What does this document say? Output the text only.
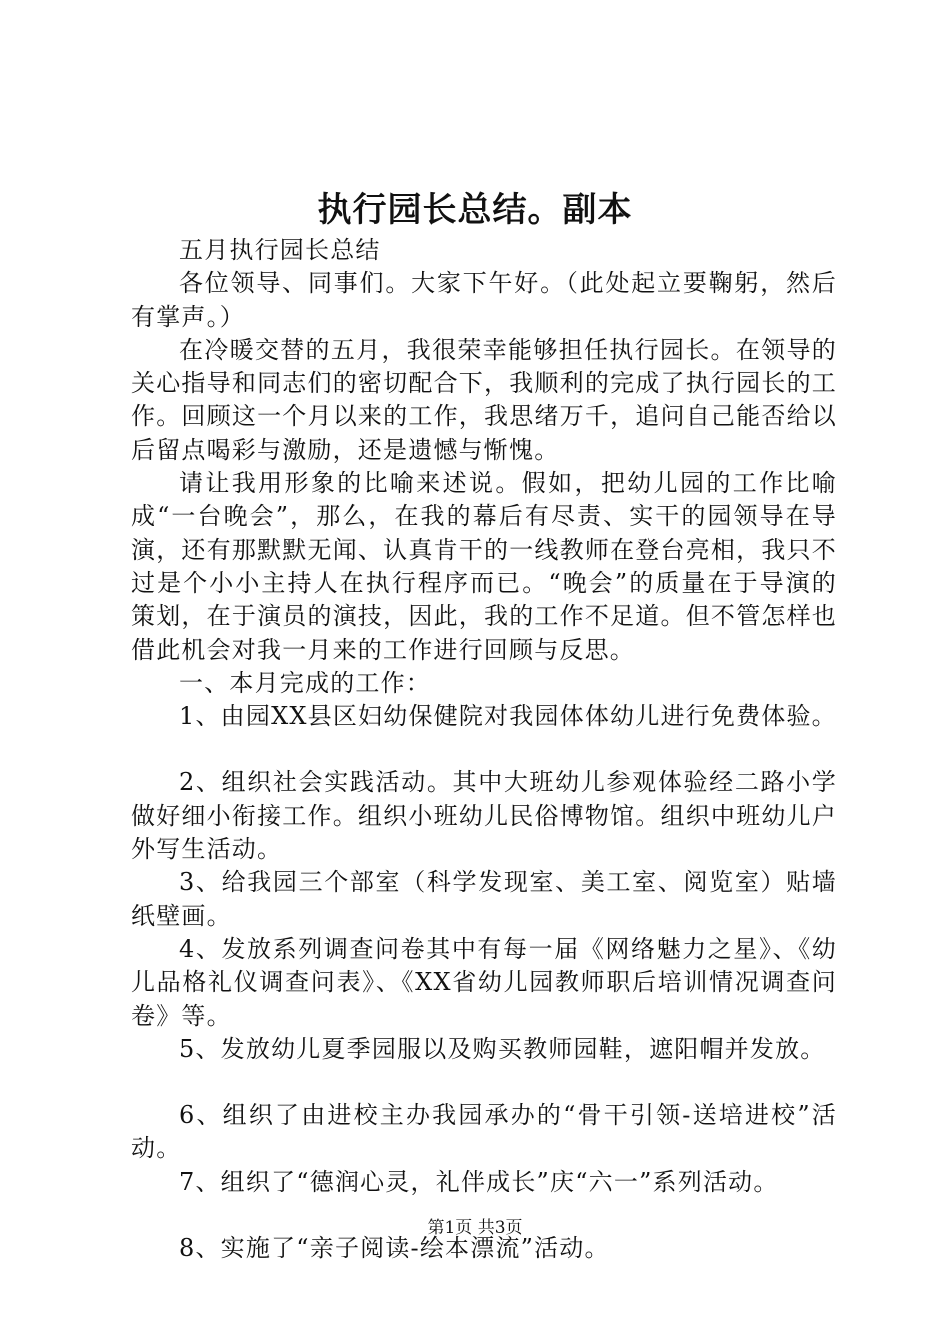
执行园长总结。副本

五月执行园长总结

各位领导、同事们。大家下午好。（此处起立要鞠躬，然后有掌声。）

在冷暖交替的五月，我很荣幸能够担任执行园长。在领导的关心指导和同志们的密切配合下，我顺利的完成了执行园长的工作。回顾这一个月以来的工作，我思绪万千，追问自己能否给以后留点喝彩与激励，还是遗憾与惭愧。

请让我用形象的比喻来述说。假如，把幼儿园的工作比喻成“一台晚会”，那么，在我的幕后有尽责、实干的园领导在导演，还有那默默无闻、认真肯干的一线教师在登台亮相，我只不过是个小小主持人在执行程序而已。“晚会”的质量在于导演的策划，在于演员的演技，因此，我的工作不足道。但不管怎样也借此机会对我一月来的工作进行回顾与反思。

一、本月完成的工作：

1、由园XX县区妇幼保健院对我园体体幼儿进行免费体验。

2、组织社会实践活动。其中大班幼儿参观体验经二路小学做好细小衔接工作。组织小班幼儿民俗博物馆。组织中班幼儿户外写生活动。

3、给我园三个部室（科学发现室、美工室、阅览室）贴墙纸壁画。

4、发放系列调查问卷其中有每一届《网络魅力之星》、《幼儿品格礼仪调查问表》、《XX省幼儿园教师职后培训情况调查问卷》等。

5、发放幼儿夏季园服以及购买教师园鞋，遮阳帽并发放。

6、组织了由进校主办我园承办的“骨干引领-送培进校”活动。

7、组织了“德润心灵，礼伴成长”庆“六一”系列活动。

8、实施了“亲子阅读-绘本漂流”活动。

第1页 共3页
